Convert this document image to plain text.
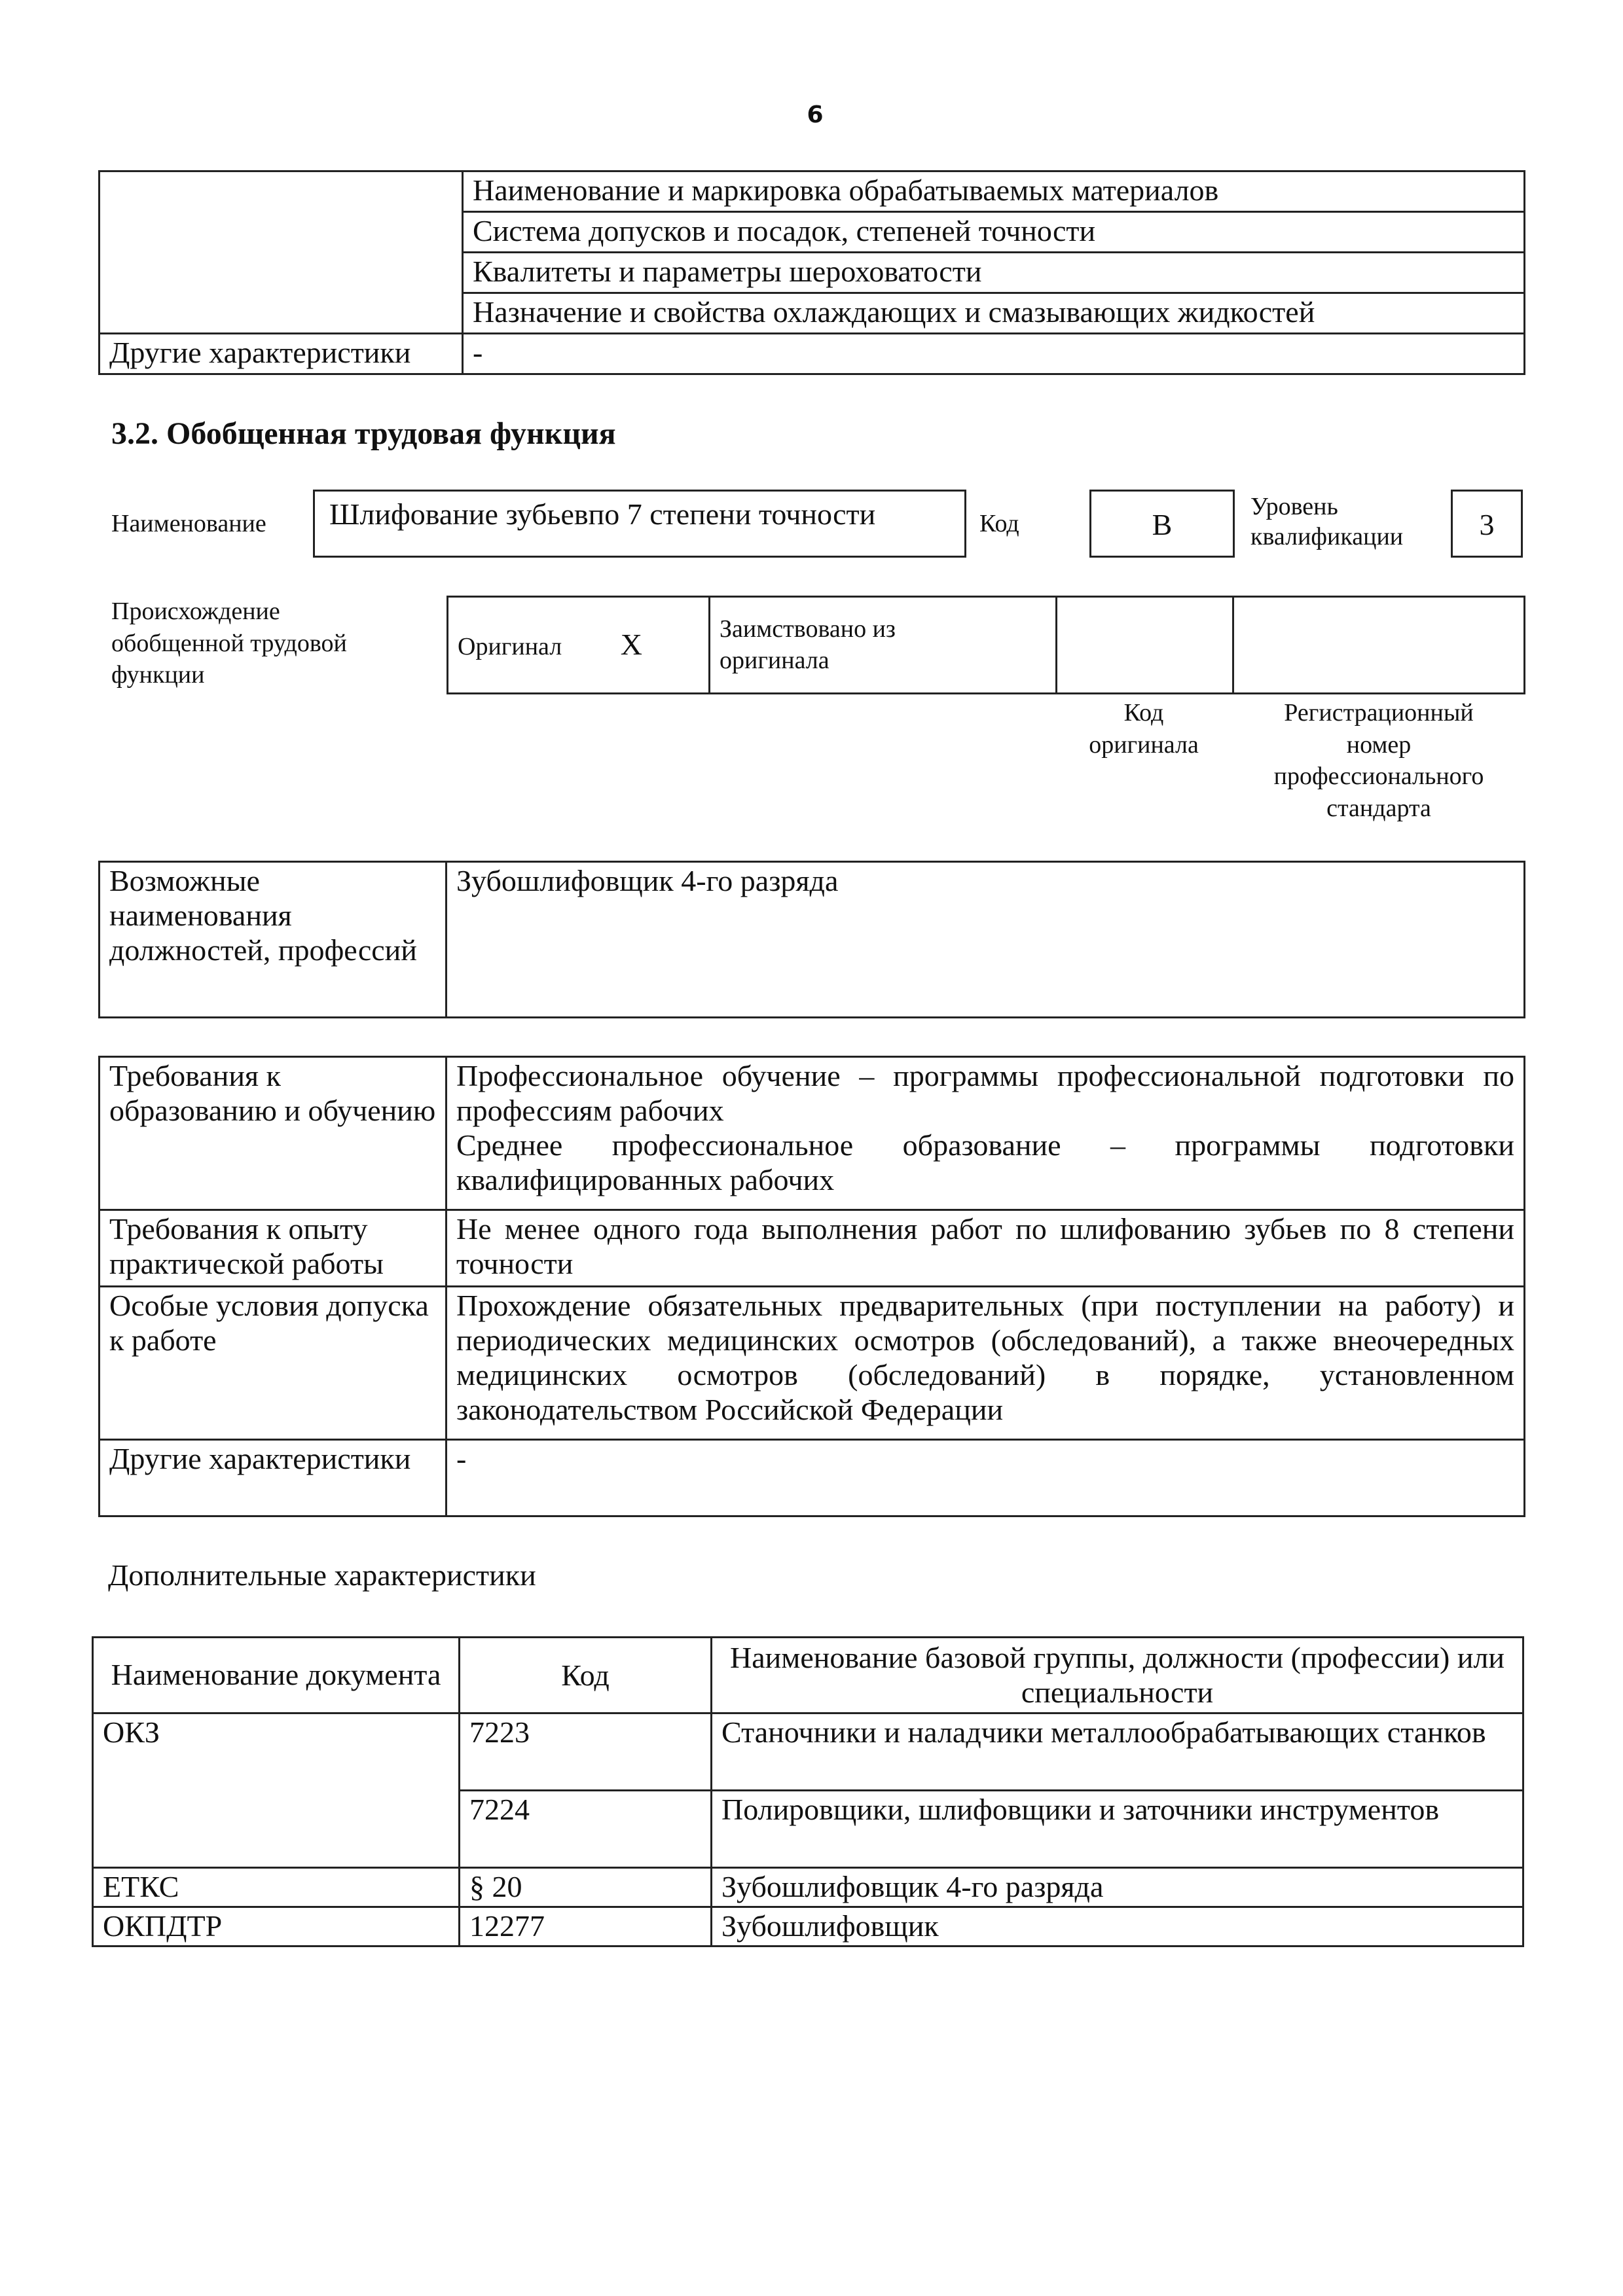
6
	Наименование и маркировка обрабатываемых материалов
	Система допусков и посадок, степеней точности
	Квалитеты и параметры шероховатости
	Назначение и свойства охлаждающих и смазывающих жидкостей
Другие характеристики	-
3.2. Обобщенная трудовая функция
Наименование Шлифование зубьевпо 7 степени точности	Код	B
Уровень
квалификации	3
Происхождение
обобщенной трудовой
функции
Оригинал X	Заимствовано из
оригинала

Код
оригинала
Регистрационный
номер
профессионального
стандарта
Возможные наименования должностей, профессий	Зубошлифовщик 4-го разряда
Требования к образованию и обучению	Профессиональное обучение – программы профессиональной подготовки по профессиям рабочих
Среднее профессиональное образование – программы подготовки квалифицированных рабочих

Требования к опыту практической работы	Не менее одного года выполнения работ по шлифованию зубьев по 8 степени точности
Особые условия допуска к работе	Прохождение обязательных предварительных (при поступлении на работу) и периодических медицинских осмотров (обследований), а также внеочередных медицинских осмотров (обследований) в порядке, установленном законодательством Российской Федерации
Другие характеристики	-
Дополнительные характеристики
Наименование документа	Код	Наименование базовой группы, должности (профессии) или специальности
ОКЗ	7223	Станочники и наладчики металлообрабатывающих станков
	7224	Полировщики, шлифовщики и заточники инструментов
ЕТКС	§ 20	Зубошлифовщик 4-го разряда
ОКПДТР	12277	Зубошлифовщик
